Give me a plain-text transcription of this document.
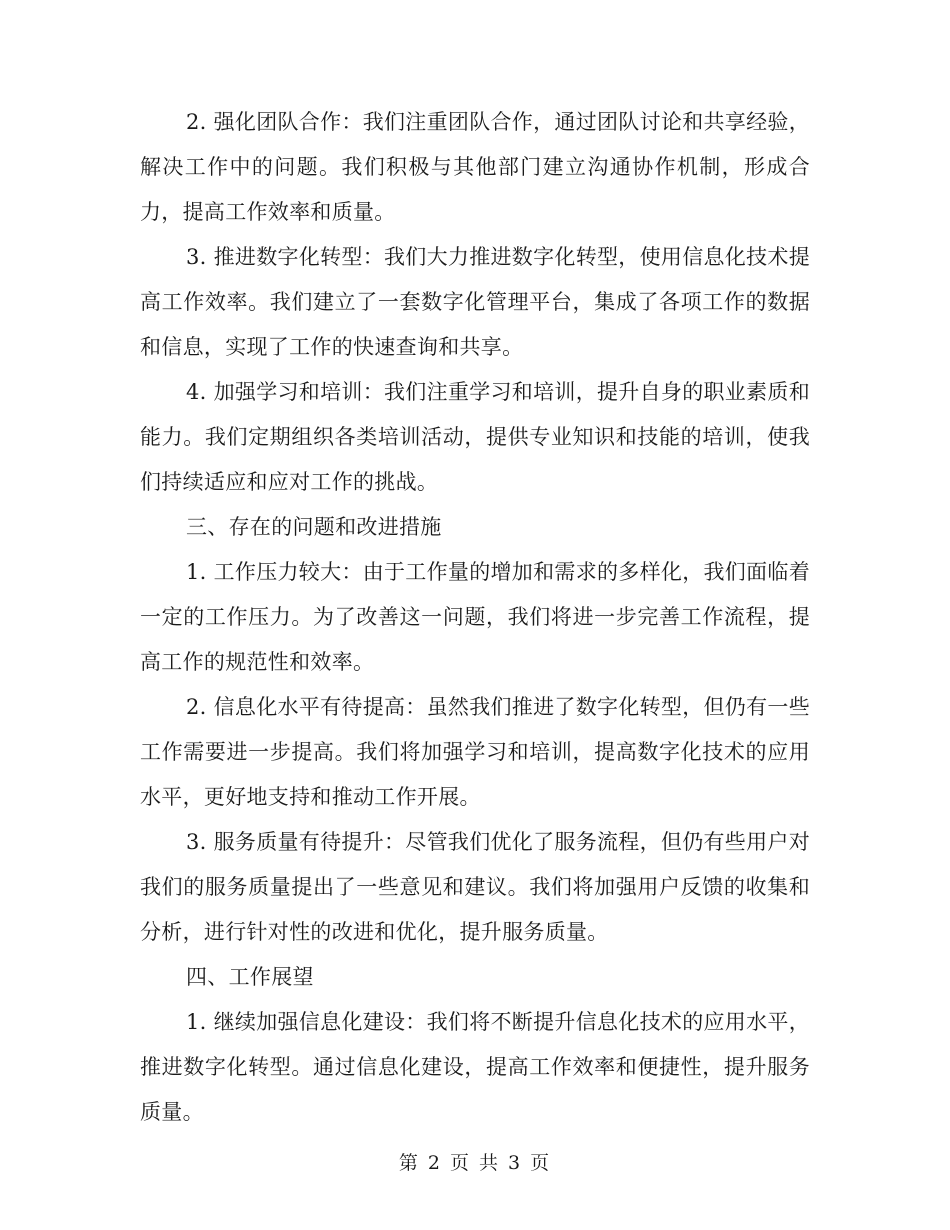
2. 强化团队合作：我们注重团队合作，通过团队讨论和共享经验，解决工作中的问题。我们积极与其他部门建立沟通协作机制，形成合力，提高工作效率和质量。

3. 推进数字化转型：我们大力推进数字化转型，使用信息化技术提高工作效率。我们建立了一套数字化管理平台，集成了各项工作的数据和信息，实现了工作的快速查询和共享。

4. 加强学习和培训：我们注重学习和培训，提升自身的职业素质和能力。我们定期组织各类培训活动，提供专业知识和技能的培训，使我们持续适应和应对工作的挑战。

三、存在的问题和改进措施

1. 工作压力较大：由于工作量的增加和需求的多样化，我们面临着一定的工作压力。为了改善这一问题，我们将进一步完善工作流程，提高工作的规范性和效率。

2. 信息化水平有待提高：虽然我们推进了数字化转型，但仍有一些工作需要进一步提高。我们将加强学习和培训，提高数字化技术的应用水平，更好地支持和推动工作开展。

3. 服务质量有待提升：尽管我们优化了服务流程，但仍有些用户对我们的服务质量提出了一些意见和建议。我们将加强用户反馈的收集和分析，进行针对性的改进和优化，提升服务质量。

四、工作展望

1. 继续加强信息化建设：我们将不断提升信息化技术的应用水平，推进数字化转型。通过信息化建设，提高工作效率和便捷性，提升服务质量。

第 2 页 共 3 页
